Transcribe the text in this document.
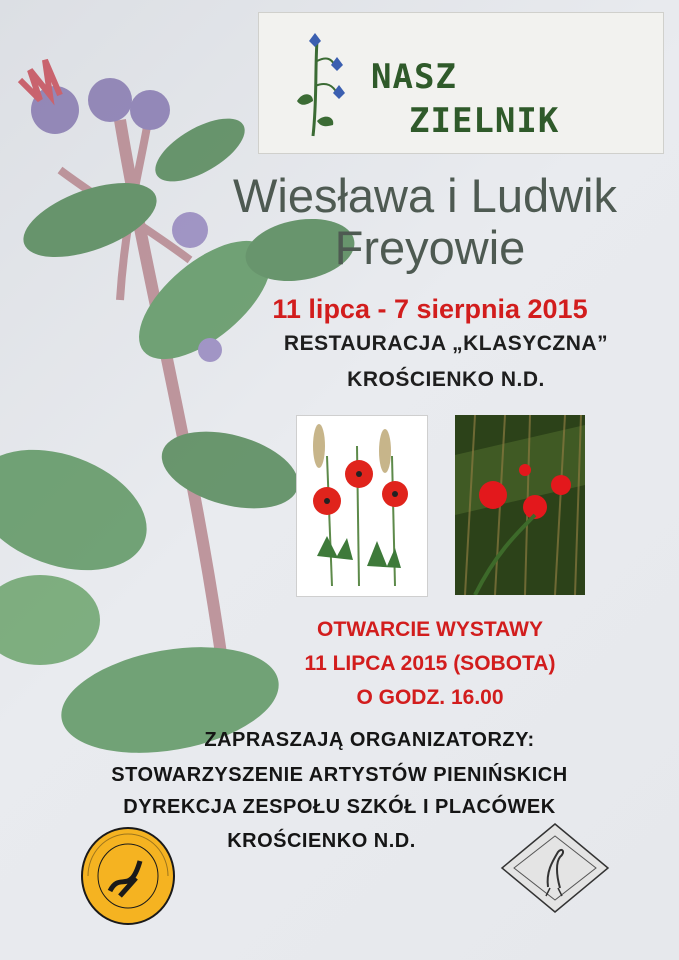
NASZ
ZIELNIK
Wiesława i Ludwik
Freyowie
11 lipca - 7 sierpnia 2015
RESTAURACJA „KLASYCZNA”
KROŚCIENKO N.D.
OTWARCIE WYSTAWY
11 LIPCA 2015 (SOBOTA)
O GODZ. 16.00
ZAPRASZAJĄ ORGANIZATORZY:
STOWARZYSZENIE ARTYSTÓW PIENIŃSKICH
DYREKCJA ZESPOŁU SZKÓŁ I PLACÓWEK
KROŚCIENKO N.D.
